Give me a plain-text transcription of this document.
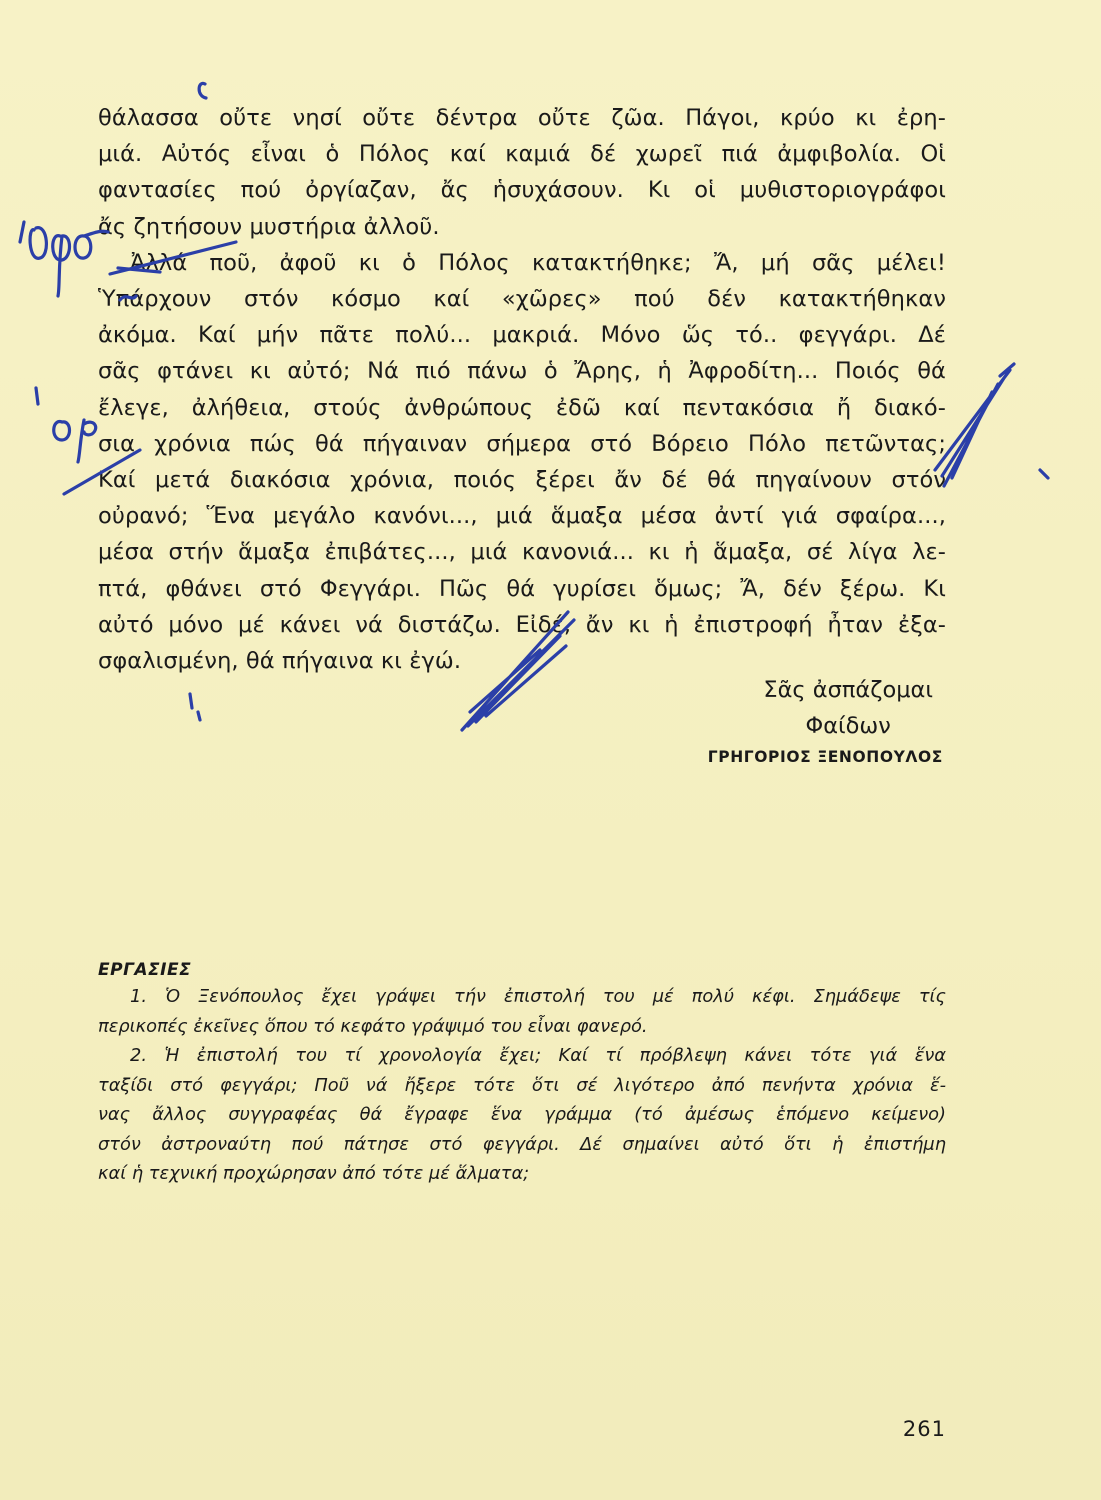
θάλασσα οὔτε νησί οὔτε δέντρα οὔτε ζῶα. Πάγοι, κρύο κι ἐρη-
μιά. Αὐτός εἶναι ὁ Πόλος καί καμιά δέ χωρεῖ πιά ἀμφιβολία. Οἱ
φαντασίες πού ὀργίαζαν, ἄς ἡσυχάσουν. Κι οἱ μυθιστοριογράφοι
ἄς ζητήσουν μυστήρια ἀλλοῦ.
Ἀλλά ποῦ, ἀφοῦ κι ὁ Πόλος κατακτήθηκε; Ἄ, μή σᾶς μέλει!
Ὑπάρχουν στόν κόσμο καί «χῶρες» πού δέν κατακτήθηκαν
ἀκόμα. Καί μήν πᾶτε πολύ... μακριά. Μόνο ὥς τό.. φεγγάρι. Δέ
σᾶς φτάνει κι αὐτό; Νά πιό πάνω ὁ Ἄρης, ἡ Ἀφροδίτη... Ποιός θά
ἔλεγε, ἀλήθεια, στούς ἀνθρώπους ἐδῶ καί πεντακόσια ἤ διακό-
σια χρόνια πώς θά πήγαιναν σήμερα στό Βόρειο Πόλο πετῶντας;
Καί μετά διακόσια χρόνια, ποιός ξέρει ἄν δέ θά πηγαίνουν στόν
οὐρανό; Ἕνα μεγάλο κανόνι..., μιά ἅμαξα μέσα ἀντί γιά σφαίρα...,
μέσα στήν ἅμαξα ἐπιβάτες..., μιά κανονιά... κι ἡ ἅμαξα, σέ λίγα λε-
πτά, φθάνει στό Φεγγάρι. Πῶς θά γυρίσει ὅμως; Ἄ, δέν ξέρω. Κι
αὐτό μόνο μέ κάνει νά διστάζω. Εἰδέ, ἄν κι ἡ ἐπιστροφή ἦταν ἐξα-
σφαλισμένη, θά πήγαινα κι ἐγώ.
Σᾶς ἀσπάζομαι
Φαίδων
ΓΡΗΓΟΡΙΟΣ ΞΕΝΟΠΟΥΛΟΣ
ΕΡΓΑΣΙΕΣ
1. Ὁ Ξενόπουλος ἔχει γράψει τήν ἐπιστολή του μέ πολύ κέφι. Σημάδεψε τίς
περικοπές ἐκεῖνες ὅπου τό κεφάτο γράψιμό του εἶναι φανερό.
2. Ἡ ἐπιστολή του τί χρονολογία ἔχει; Καί τί πρόβλεψη κάνει τότε γιά ἕνα
ταξίδι στό φεγγάρι; Ποῦ νά ἤξερε τότε ὅτι σέ λιγότερο ἀπό πενήντα χρόνια ἕ-
νας ἄλλος συγγραφέας θά ἔγραφε ἕνα γράμμα (τό ἀμέσως ἑπόμενο κείμενο)
στόν ἀστροναύτη πού πάτησε στό φεγγάρι. Δέ σημαίνει αὐτό ὅτι ἡ ἐπιστήμη
καί ἡ τεχνική προχώρησαν ἀπό τότε μέ ἅλματα;
261
